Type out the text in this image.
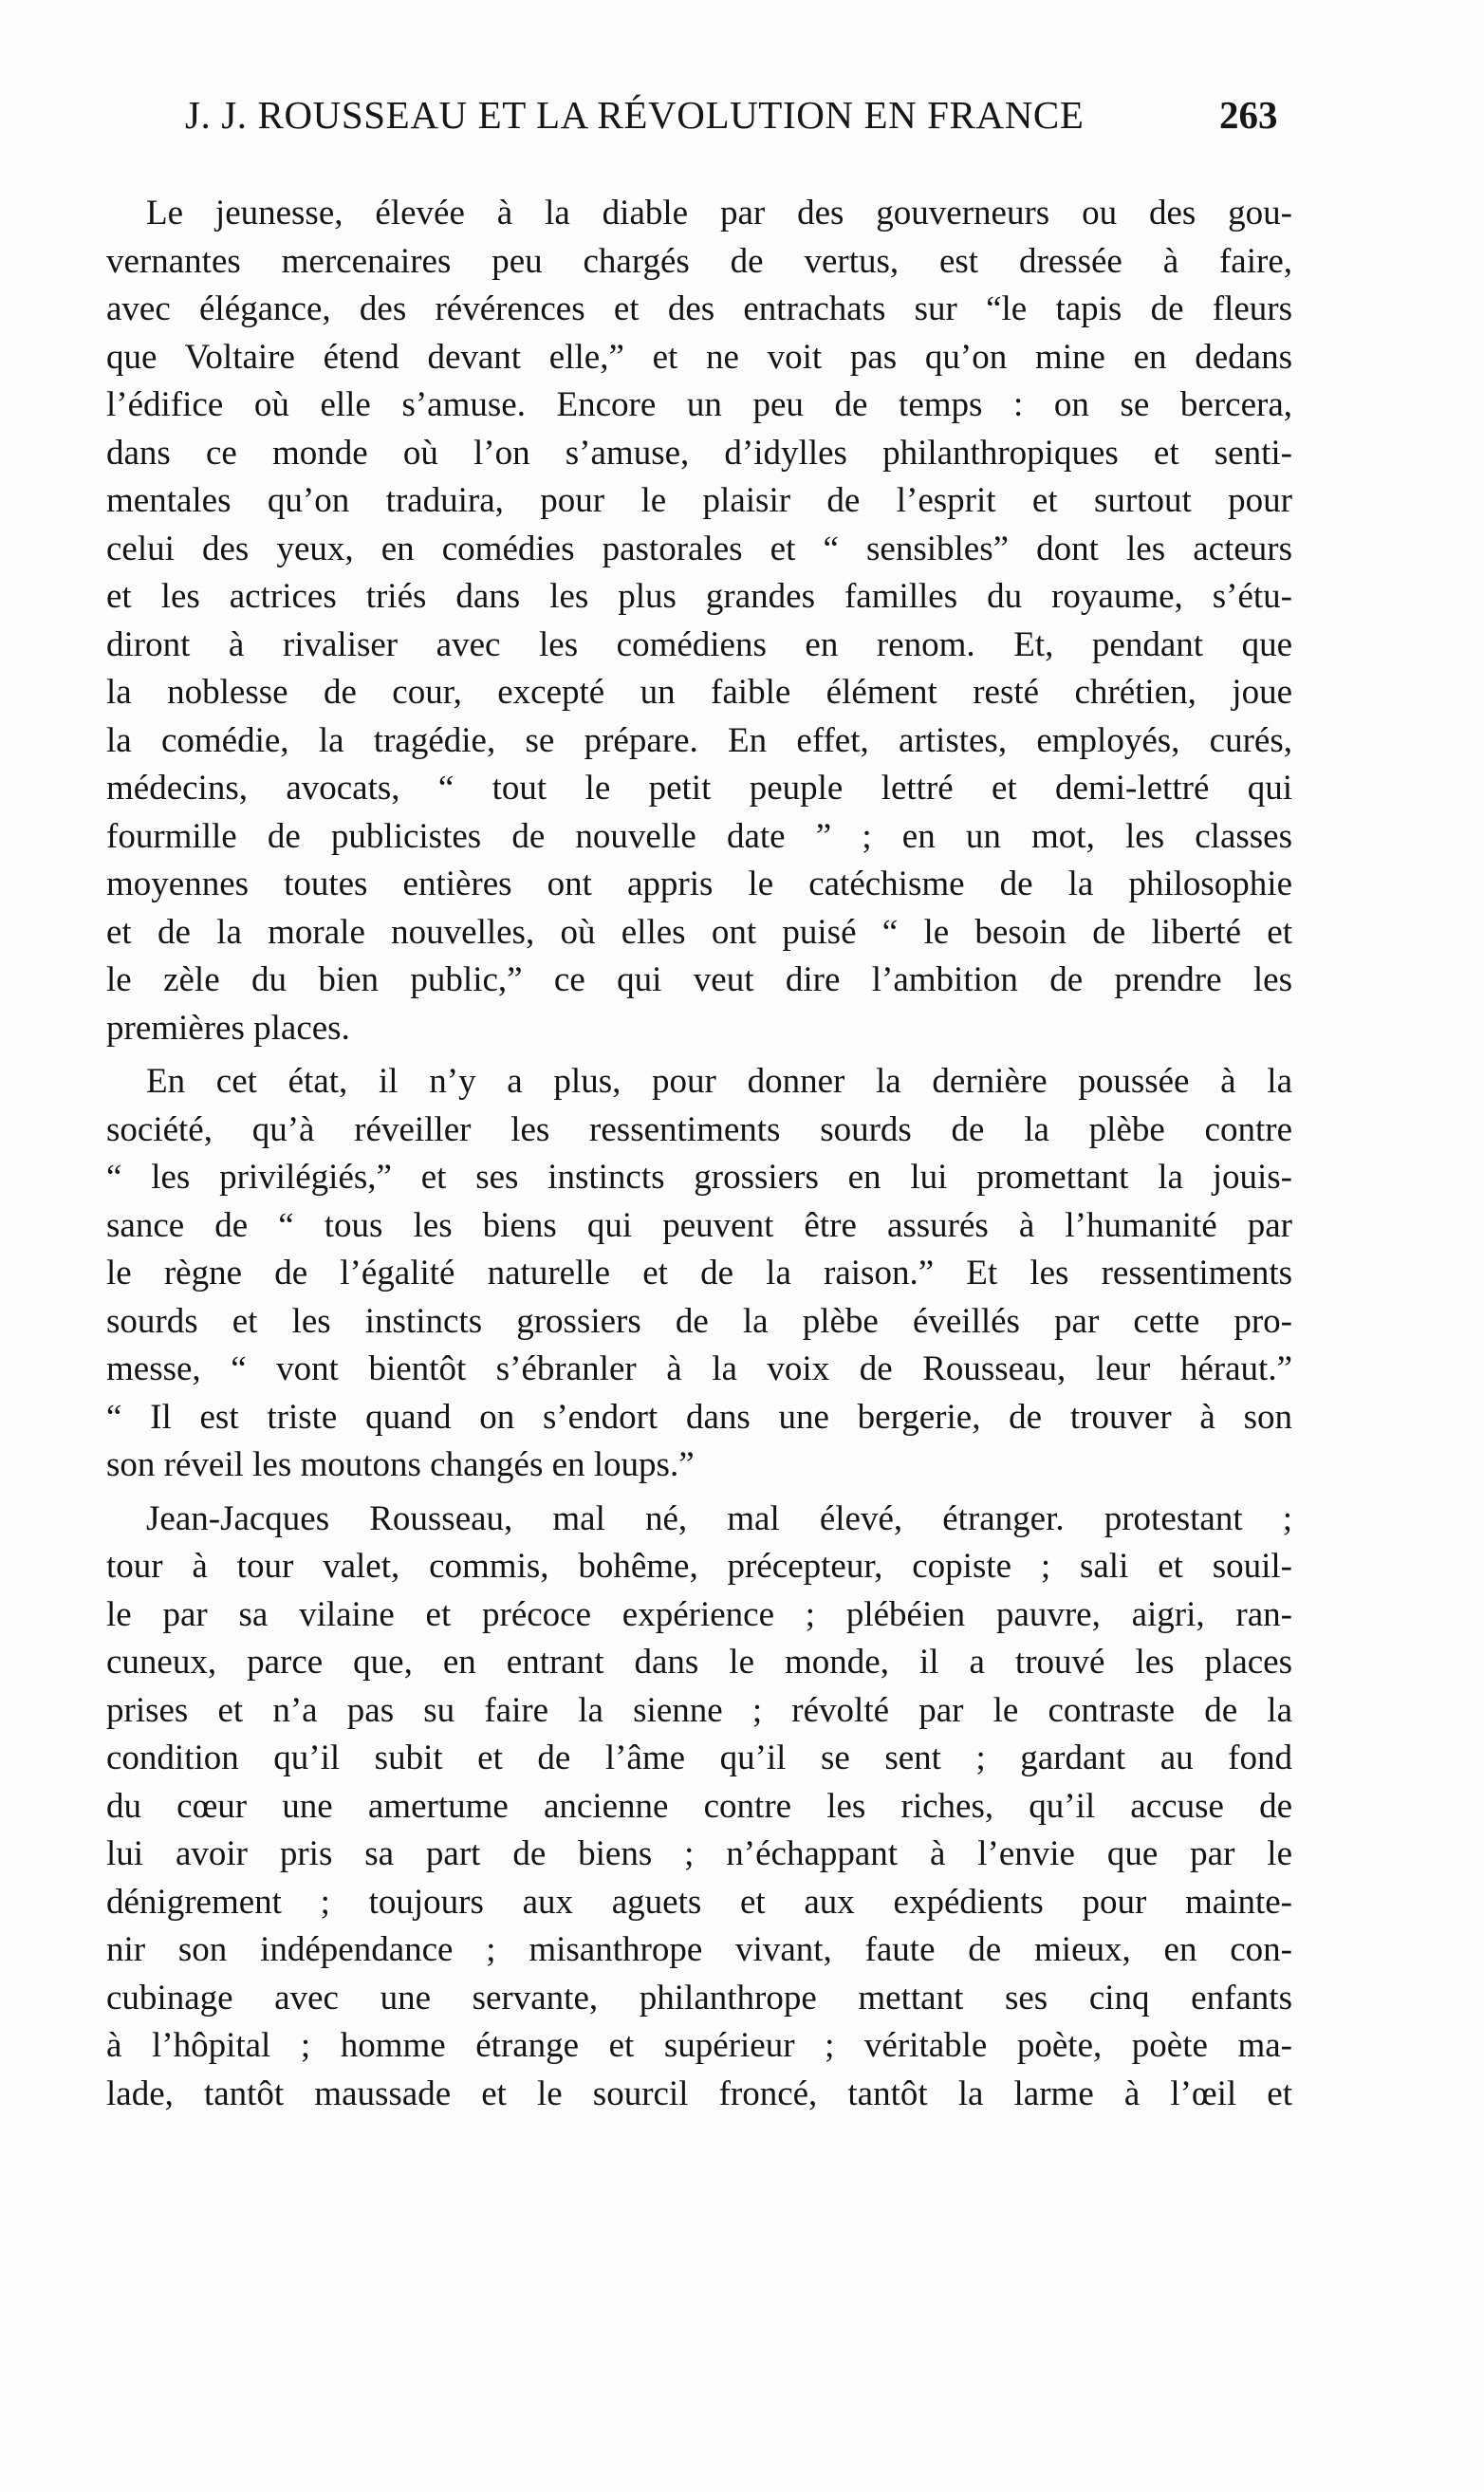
J. J. ROUSSEAU ET LA RÉVOLUTION EN FRANCE	263
Le jeunesse, élevée à la diable par des gouverneurs ou des gou-
vernantes mercenaires peu chargés de vertus, est dressée à faire,
avec élégance, des révérences et des entrachats sur “le tapis de fleurs
que Voltaire étend devant elle,” et ne voit pas qu’on mine en dedans
l’édifice où elle s’amuse. Encore un peu de temps : on se bercera,
dans ce monde où l’on s’amuse, d’idylles philanthropiques et senti-
mentales qu’on traduira, pour le plaisir de l’esprit et surtout pour
celui des yeux, en comédies pastorales et “ sensibles” dont les acteurs
et les actrices triés dans les plus grandes familles du royaume, s’étu-
diront à rivaliser avec les comédiens en renom. Et, pendant que
la noblesse de cour, excepté un faible élément resté chrétien, joue
la comédie, la tragédie, se prépare. En effet, artistes, employés, curés,
médecins, avocats, “ tout le petit peuple lettré et demi-lettré qui
fourmille de publicistes de nouvelle date ” ; en un mot, les classes
moyennes toutes entières ont appris le catéchisme de la philosophie
et de la morale nouvelles, où elles ont puisé “ le besoin de liberté et
le zèle du bien public,” ce qui veut dire l’ambition de prendre les
premières places.
En cet état, il n’y a plus, pour donner la dernière poussée à la
société, qu’à réveiller les ressentiments sourds de la plèbe contre
“ les privilégiés,” et ses instincts grossiers en lui promettant la jouis-
sance de “ tous les biens qui peuvent être assurés à l’humanité par
le règne de l’égalité naturelle et de la raison.” Et les ressentiments
sourds et les instincts grossiers de la plèbe éveillés par cette pro-
messe, “ vont bientôt s’ébranler à la voix de Rousseau, leur héraut.”
“ Il est triste quand on s’endort dans une bergerie, de trouver à son
son réveil les moutons changés en loups.”
Jean-Jacques Rousseau, mal né, mal élevé, étranger. protestant ;
tour à tour valet, commis, bohême, précepteur, copiste ; sali et souil-
le par sa vilaine et précoce expérience ; plébéien pauvre, aigri, ran-
cuneux, parce que, en entrant dans le monde, il a trouvé les places
prises et n’a pas su faire la sienne ; révolté par le contraste de la
condition qu’il subit et de l’âme qu’il se sent ; gardant au fond
du cœur une amertume ancienne contre les riches, qu’il accuse de
lui avoir pris sa part de biens ; n’échappant à l’envie que par le
dénigrement ; toujours aux aguets et aux expédients pour mainte-
nir son indépendance ; misanthrope vivant, faute de mieux, en con-
cubinage avec une servante, philanthrope mettant ses cinq enfants
à l’hôpital ; homme étrange et supérieur ; véritable poète, poète ma-
lade, tantôt maussade et le sourcil froncé, tantôt la larme à l’œil et
